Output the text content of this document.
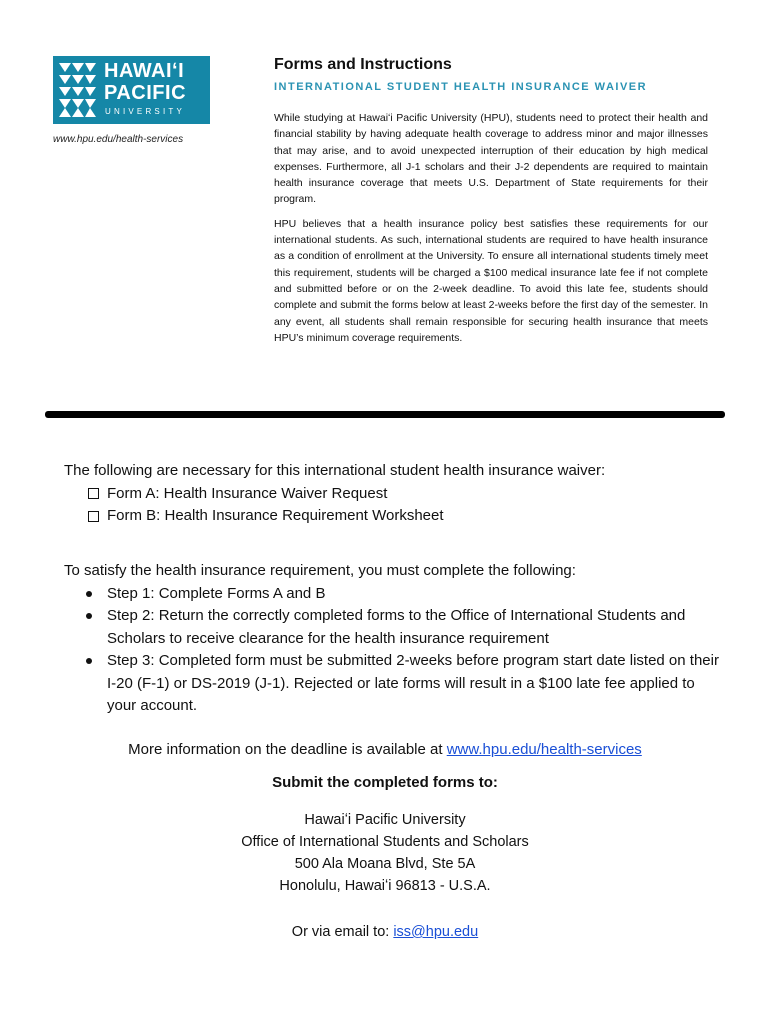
HAWAIʻI
PACIFIC
UNIVERSITY
www.hpu.edu/health-services
Forms and Instructions
INTERNATIONAL STUDENT HEALTH INSURANCE WAIVER

While studying at Hawaiʻi Pacific University (HPU), students need to protect their health and financial stability by having adequate health coverage to address minor and major illnesses that may arise, and to avoid unexpected interruption of their education by high medical expenses. Furthermore, all J-1 scholars and their J-2 dependents are required to maintain health insurance coverage that meets U.S. Department of State requirements for their program.

HPU believes that a health insurance policy best satisfies these requirements for our international students. As such, international students are required to have health insurance as a condition of enrollment at the University. To ensure all international students timely meet this requirement, students will be charged a $100 medical insurance late fee if not complete and submitted before or on the 2-week deadline. To avoid this late fee, students should complete and submit the forms below at least 2-weeks before the first day of the semester. In any event, all students shall remain responsible for securing health insurance that meets HPU’s minimum coverage requirements.

The following are necessary for this international student health insurance waiver:
Form A: Health Insurance Waiver Request
Form B: Health Insurance Requirement Worksheet
To satisfy the health insurance requirement, you must complete the following:
Step 1: Complete Forms A and B
Step 2: Return the correctly completed forms to the Office of International Students and Scholars to receive clearance for the health insurance requirement
Step 3: Completed form must be submitted 2-weeks before program start date listed on their I-20 (F-1) or DS-2019 (J-1). Rejected or late forms will result in a $100 late fee applied to your account.
More information on the deadline is available at www.hpu.edu/health-services
Submit the completed forms to:
Hawaiʻi Pacific University
Office of International Students and Scholars
500 Ala Moana Blvd, Ste 5A
Honolulu, Hawaiʻi 96813 - U.S.A.
Or via email to: iss@hpu.edu
